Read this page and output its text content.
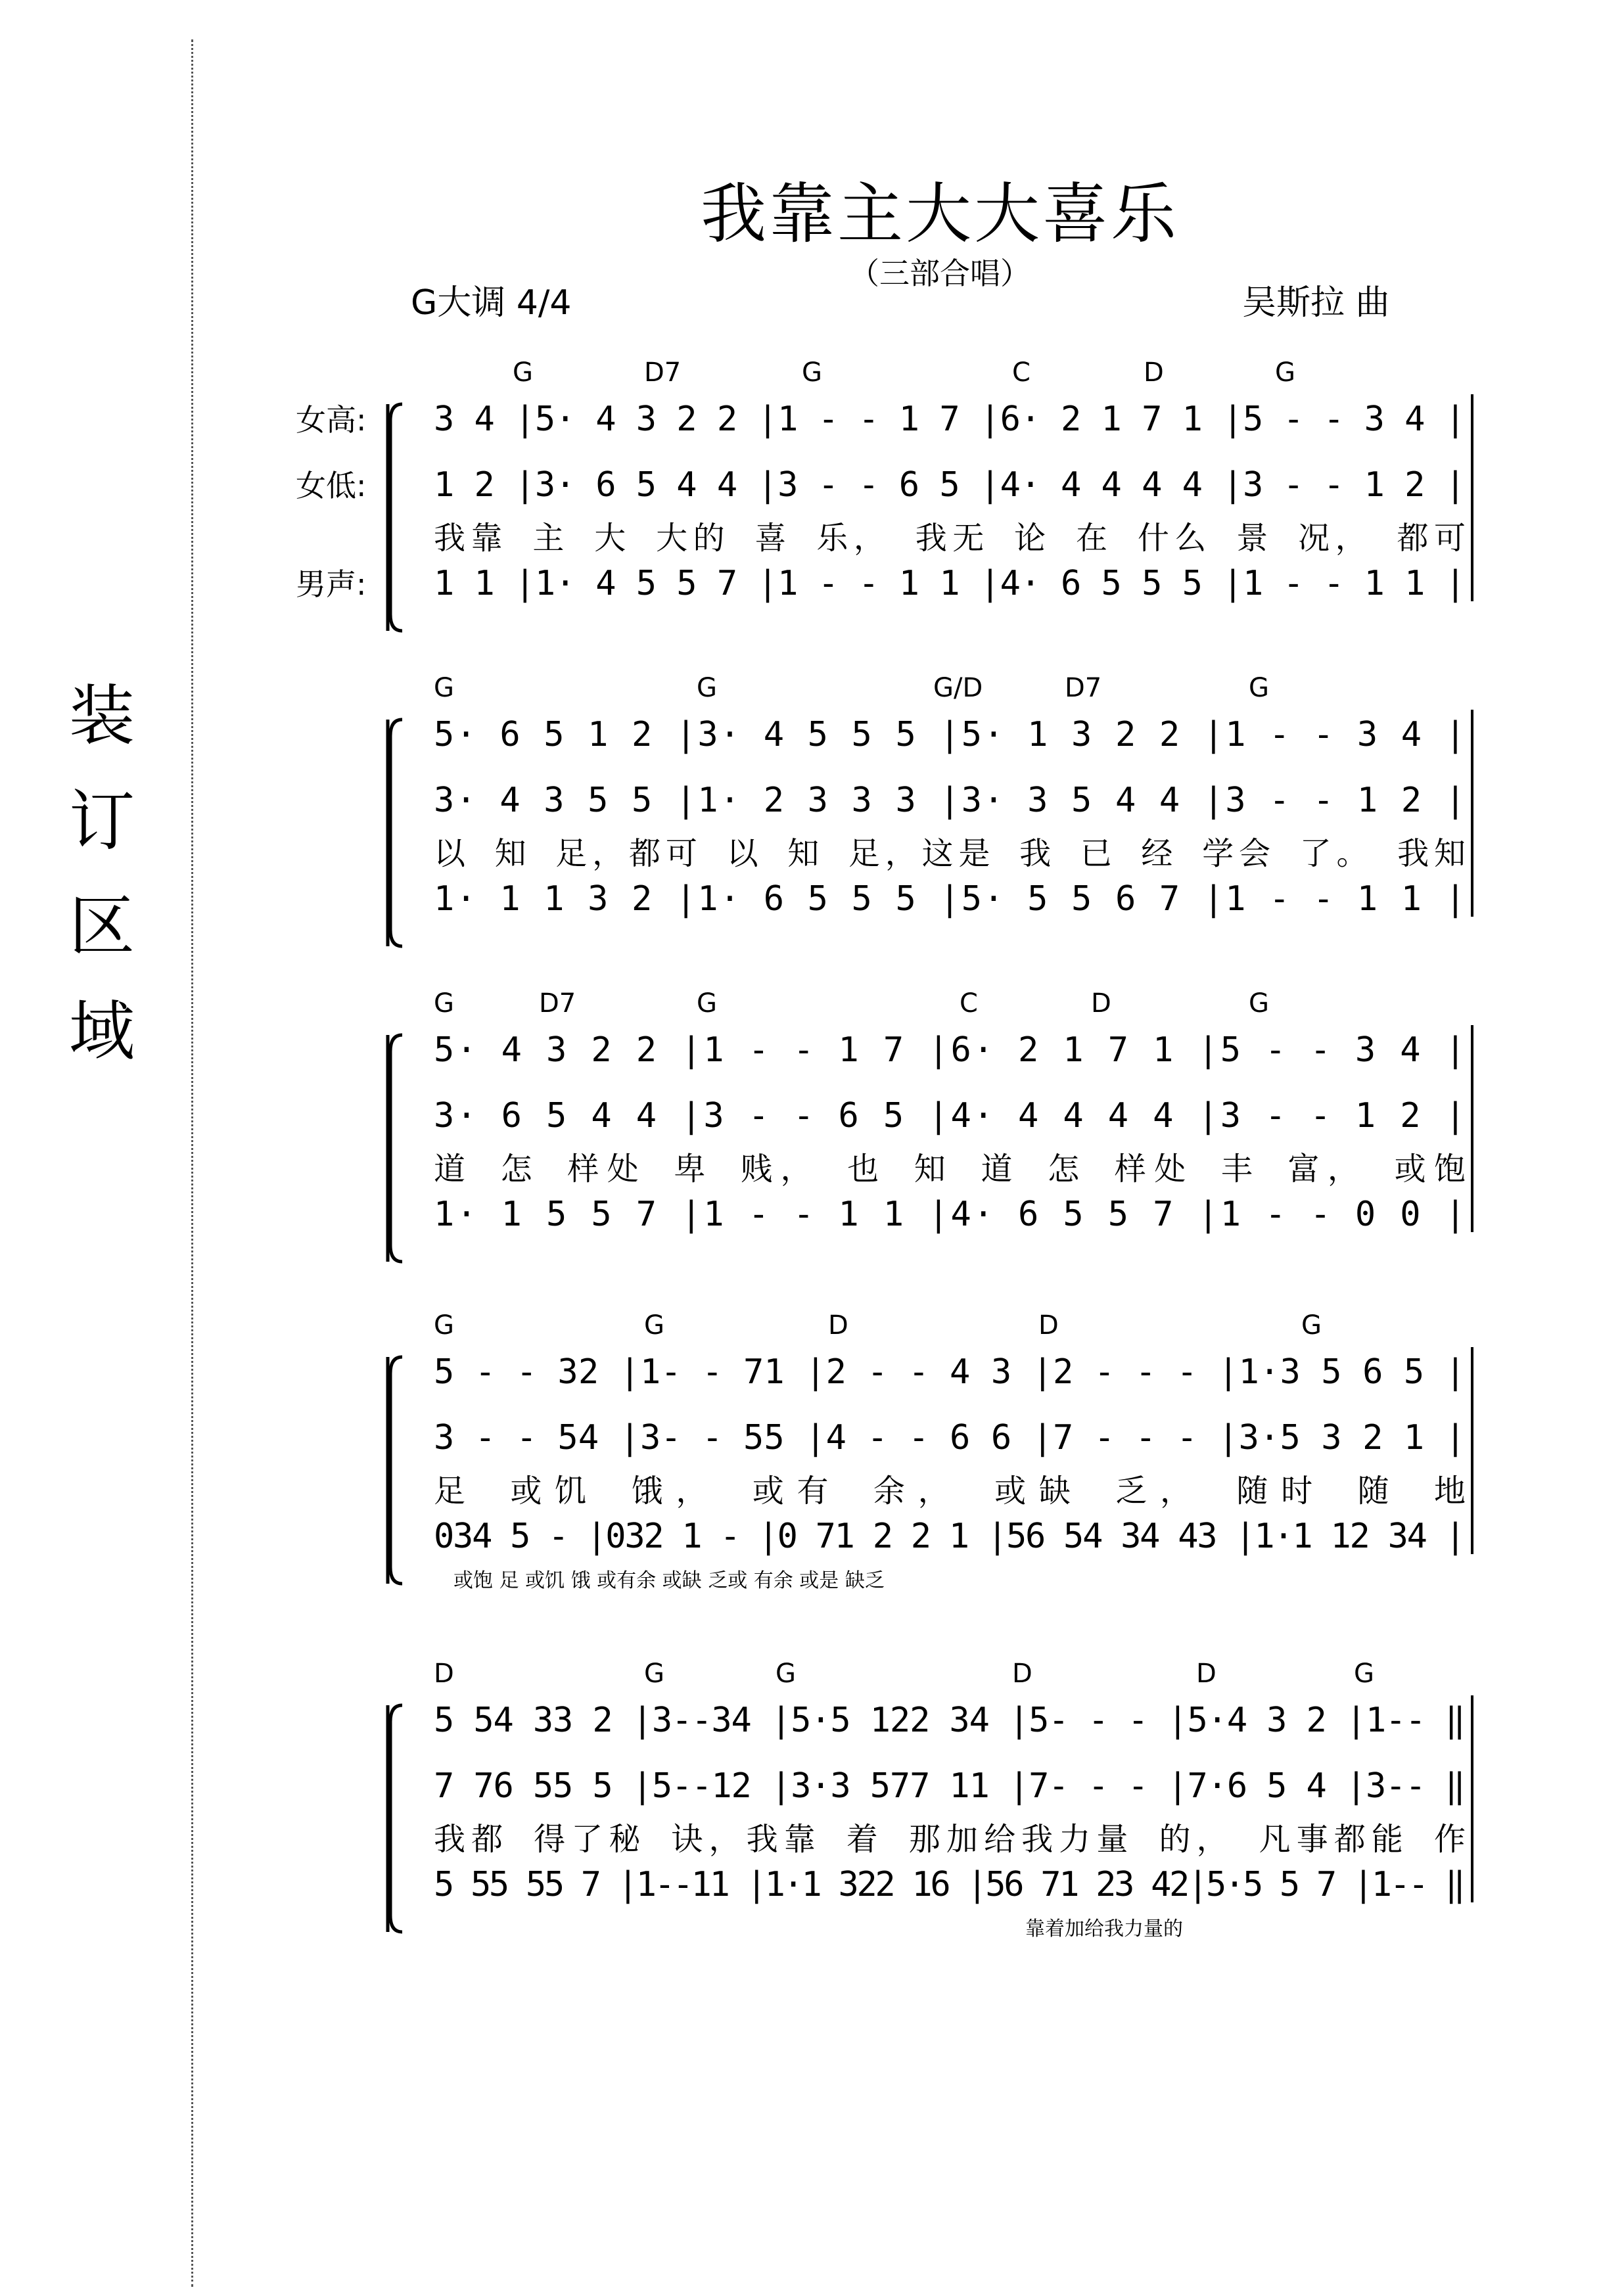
装
订
区
域
我靠主大大喜乐
（三部合唱）
G大调 4/4	吴斯拉 曲
G	D7	G	C	D	G
3 4 |5· 4 3 2 2 |1 - - 1 7 |6· 2 1 7 1 |5 - - 3 4 |
1 2 |3· 6 5 4 4 |3 - - 6 5 |4· 4 4 4 4 |3 - - 1 2 |
我靠 主 大 大的 喜 乐， 我无 论 在 什么 景 况， 都可
1 1 |1· 4 5 5 7 |1 - - 1 1 |4· 6 5 5 5 |1 - - 1 1 |
G	G	G/D	D7	G
5· 6 5 1 2 |3· 4 5 5 5 |5· 1 3 2 2 |1 - - 3 4 |
3· 4 3 5 5 |1· 2 3 3 3 |3· 3 5 4 4 |3 - - 1 2 |
以 知 足，都可 以 知 足，这是 我 已 经 学会 了。 我知
1· 1 1 3 2 |1· 6 5 5 5 |5· 5 5 6 7 |1 - - 1 1 |
G	D7	G	C	D	G
5· 4 3 2 2 |1 - - 1 7 |6· 2 1 7 1 |5 - - 3 4 |
3· 6 5 4 4 |3 - - 6 5 |4· 4 4 4 4 |3 - - 1 2 |
道 怎 样处 卑 贱， 也 知 道 怎 样处 丰 富， 或饱
1· 1 5 5 7 |1 - - 1 1 |4· 6 5 5 7 |1 - - 0 0 |
G	G	D	D	G
5 - - 32 |1- - 71 |2 - - 4 3 |2 - - - |1·3 5 6 5 |
3 - - 54 |3- - 55 |4 - - 6 6 |7 - - - |3·5 3 2 1 |
足 或饥 饿， 或有 余， 或缺 乏， 随时 随 地
034 5 - |032 1 - |0 71 2 2 1 |56 54 34 43 |1·1 12 34 |
或饱 足 或饥 饿 或有余 或缺 乏或 有余 或是 缺乏
D	G	G	D	D	G
5 54 33 2 |3--34 |5·5 122 34 |5- - - |5·4 3 2 |1-- ‖
7 76 55 5 |5--12 |3·3 577 11 |7- - - |7·6 5 4 |3-- ‖
我都 得了秘 诀，我靠 着 那加给我力量 的， 凡事都能 作
5 55 55 7 |1--11 |1·1 322 16 |56 71 23 42|5·5 5 7 |1-- ‖
靠着加给我力量的
女高:
女低:
男声:
